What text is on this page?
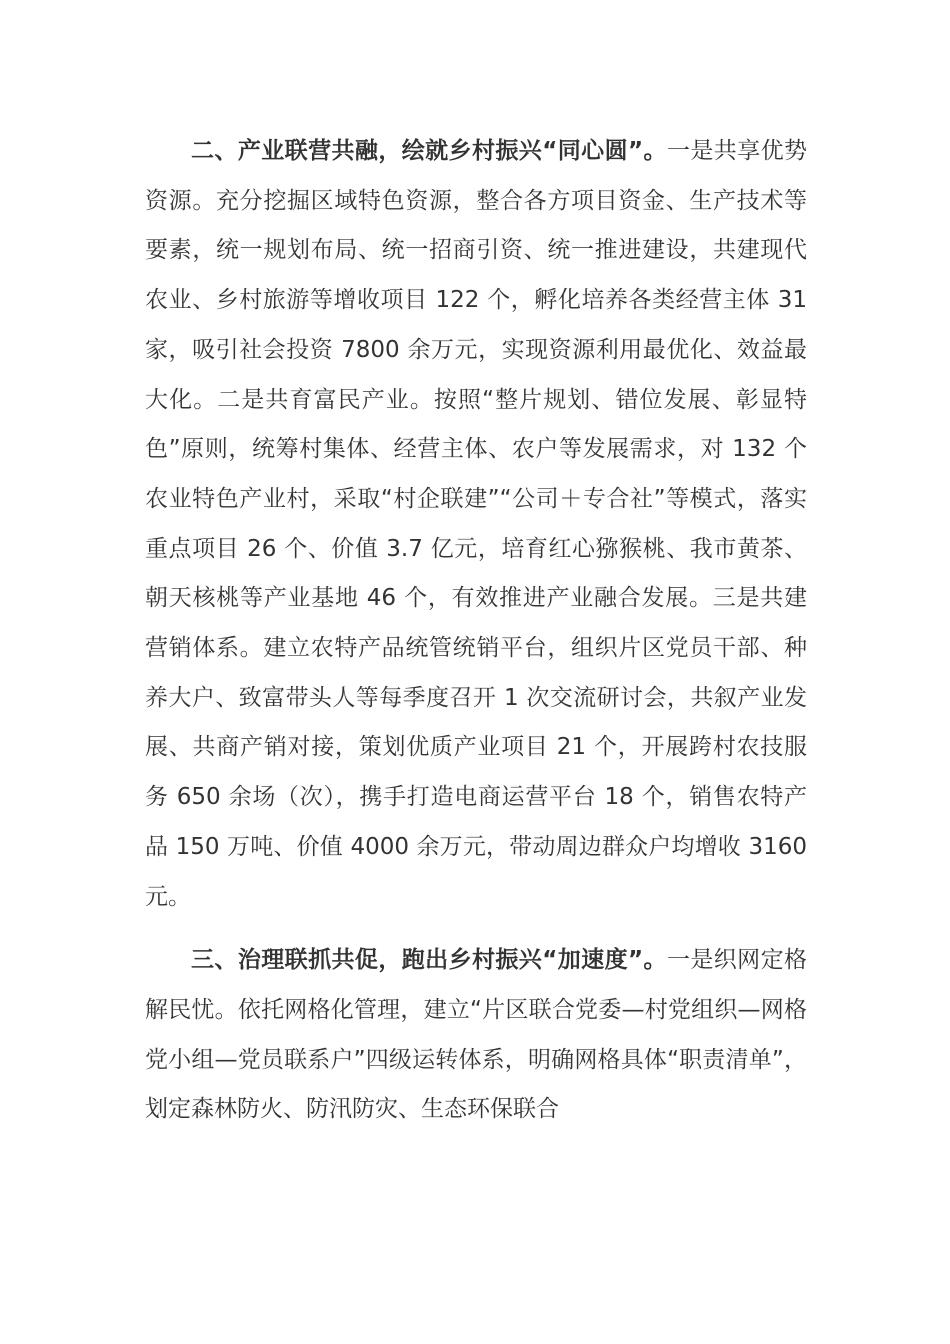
二、产业联营共融，绘就乡村振兴“同心圆”。一是共享优势资源。充分挖掘区域特色资源，整合各方项目资金、生产技术等要素，统一规划布局、统一招商引资、统一推进建设，共建现代农业、乡村旅游等增收项目 122 个，孵化培养各类经营主体 31 家，吸引社会投资 7800 余万元，实现资源利用最优化、效益最大化。二是共育富民产业。按照“整片规划、错位发展、彰显特色”原则，统筹村集体、经营主体、农户等发展需求，对 132 个农业特色产业村，采取“村企联建”“公司＋专合社”等模式，落实重点项目 26 个、价值 3.7 亿元，培育红心猕猴桃、我市黄茶、朝天核桃等产业基地 46 个，有效推进产业融合发展。三是共建营销体系。建立农特产品统管统销平台，组织片区党员干部、种养大户、致富带头人等每季度召开 1 次交流研讨会，共叙产业发展、共商产销对接，策划优质产业项目 21 个，开展跨村农技服务 650 余场（次），携手打造电商运营平台 18 个，销售农特产品 150 万吨、价值 4000 余万元，带动周边群众户均增收 3160 元。

三、治理联抓共促，跑出乡村振兴“加速度”。一是织网定格解民忧。依托网格化管理，建立“片区联合党委—村党组织—网格党小组—党员联系户”四级运转体系，明确网格具体“职责清单”，划定森林防火、防汛防灾、生态环保联合
